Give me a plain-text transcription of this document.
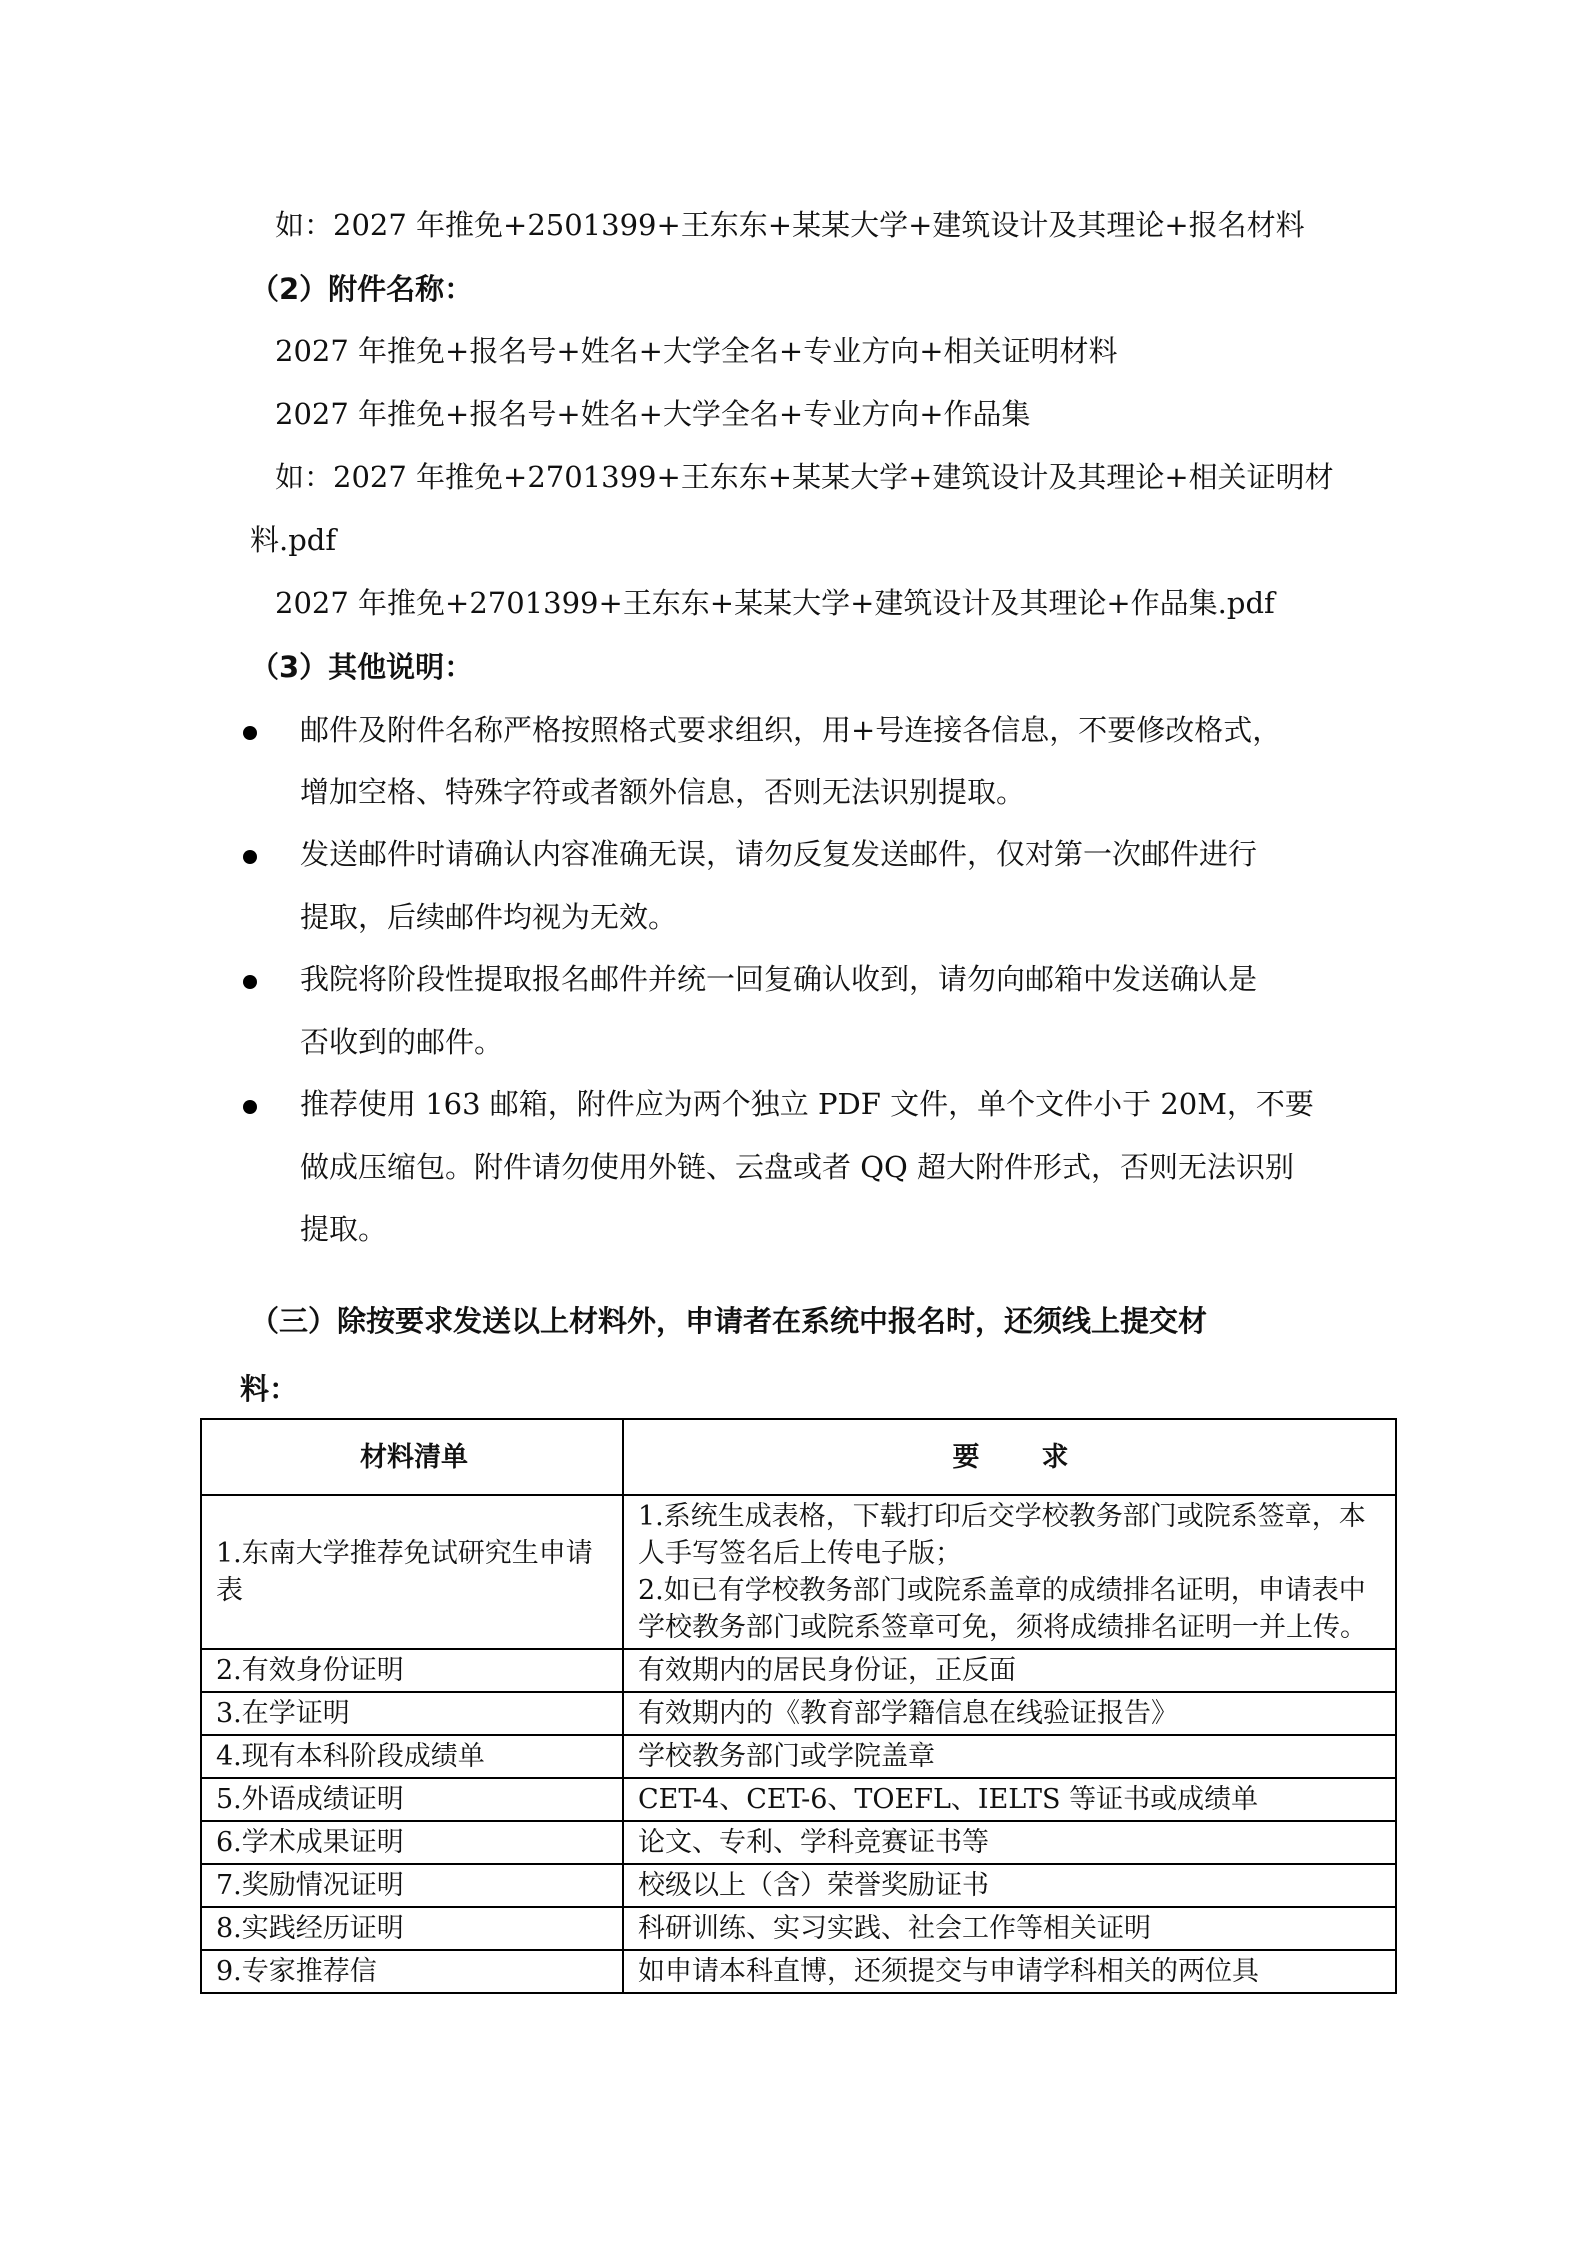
如：2027 年推免+2501399+王东东+某某大学+建筑设计及其理论+报名材料
（2）附件名称：
2027 年推免+报名号+姓名+大学全名+专业方向+相关证明材料
2027 年推免+报名号+姓名+大学全名+专业方向+作品集
如：2027 年推免+2701399+王东东+某某大学+建筑设计及其理论+相关证明材
料.pdf
2027 年推免+2701399+王东东+某某大学+建筑设计及其理论+作品集.pdf
（3）其他说明：
邮件及附件名称严格按照格式要求组织，用+号连接各信息，不要修改格式，
增加空格、特殊字符或者额外信息，否则无法识别提取。
发送邮件时请确认内容准确无误，请勿反复发送邮件，仅对第一次邮件进行
提取，后续邮件均视为无效。
我院将阶段性提取报名邮件并统一回复确认收到，请勿向邮箱中发送确认是
否收到的邮件。
推荐使用 163 邮箱，附件应为两个独立 PDF 文件，单个文件小于 20M，不要
做成压缩包。附件请勿使用外链、云盘或者 QQ 超大附件形式，否则无法识别
提取。
（三）除按要求发送以上材料外，申请者在系统中报名时，还须线上提交材
料：
材料清单	要 求
1.东南大学推荐免试研究生申请表	1.系统生成表格，下载打印后交学校教务部门或院系签章，本人手写签名后上传电子版；
2.如已有学校教务部门或院系盖章的成绩排名证明，申请表中学校教务部门或院系签章可免，须将成绩排名证明一并上传。

2.有效身份证明	有效期内的居民身份证，正反面
3.在学证明	有效期内的《教育部学籍信息在线验证报告》
4.现有本科阶段成绩单	学校教务部门或学院盖章
5.外语成绩证明	CET-4、CET-6、TOEFL、IELTS 等证书或成绩单
6.学术成果证明	论文、专利、学科竞赛证书等
7.奖励情况证明	校级以上（含）荣誉奖励证书
8.实践经历证明	科研训练、实习实践、社会工作等相关证明
9.专家推荐信	如申请本科直博，还须提交与申请学科相关的两位具
